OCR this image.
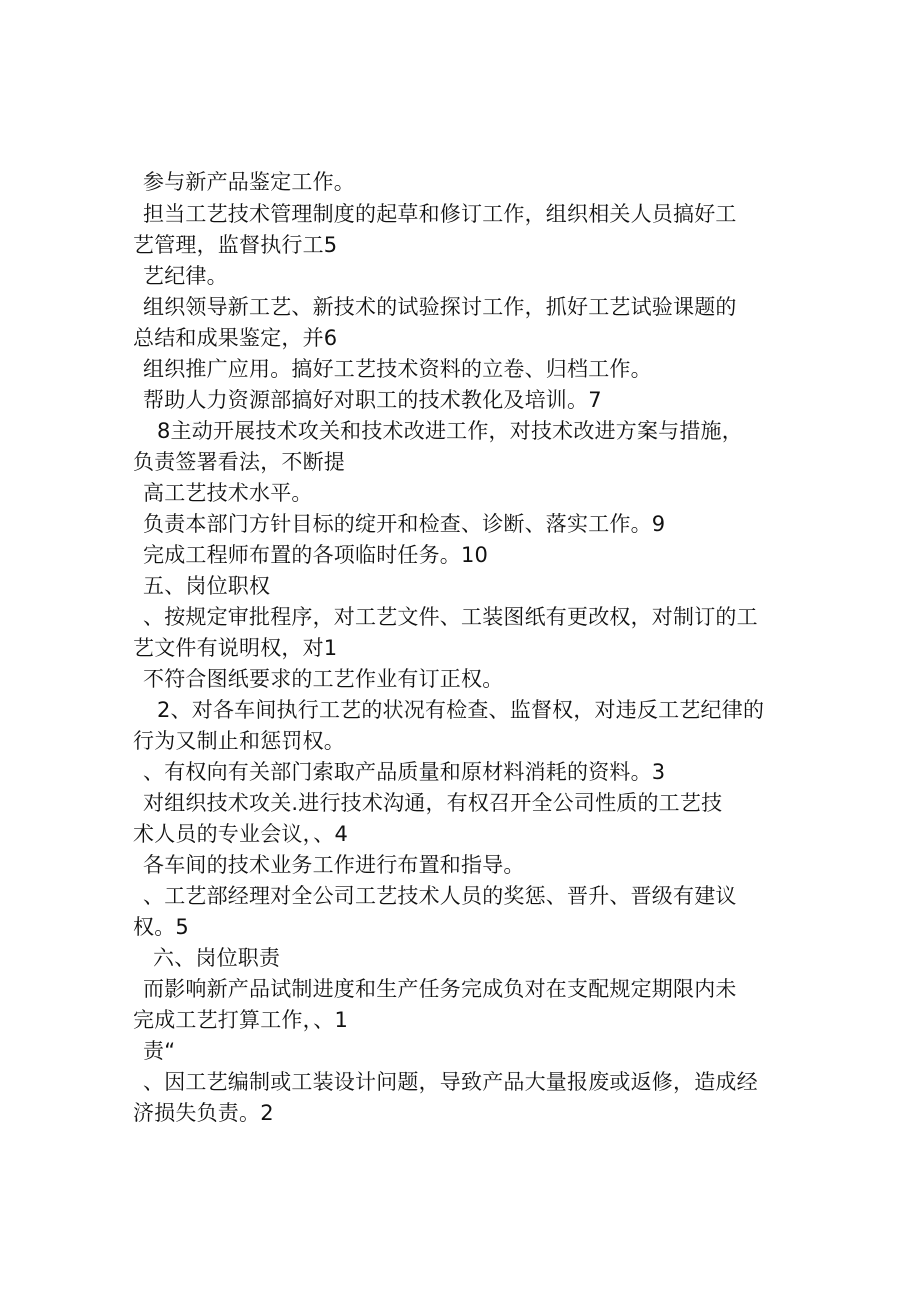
参与新产品鉴定工作。
担当工艺技术管理制度的起草和修订工作，组织相关人员搞好工
艺管理，监督执行工5
艺纪律。
组织领导新工艺、新技术的试验探讨工作，抓好工艺试验课题的
总结和成果鉴定，并6
组织推广应用。搞好工艺技术资料的立卷、归档工作。
帮助人力资源部搞好对职工的技术教化及培训。7
8主动开展技术攻关和技术改进工作，对技术改进方案与措施，
负责签署看法，不断提
高工艺技术水平。
负责本部门方针目标的绽开和检查、诊断、落实工作。9
完成工程师布置的各项临时任务。10
五、岗位职权
、按规定审批程序，对工艺文件、工装图纸有更改权，对制订的工
艺文件有说明权，对1
不符合图纸要求的工艺作业有订正权。
2、对各车间执行工艺的状况有检查、监督权，对违反工艺纪律的
行为又制止和惩罚权。
、有权向有关部门索取产品质量和原材料消耗的资料。3
对组织技术攻关.进行技术沟通，有权召开全公司性质的工艺技
术人员的专业会议，、4
各车间的技术业务工作进行布置和指导。
、工艺部经理对全公司工艺技术人员的奖惩、晋升、晋级有建议
权。5
六、岗位职责
而影响新产品试制进度和生产任务完成负对在支配规定期限内未
完成工艺打算工作，、1
责“
、因工艺编制或工装设计问题，导致产品大量报废或返修，造成经
济损失负责。2
